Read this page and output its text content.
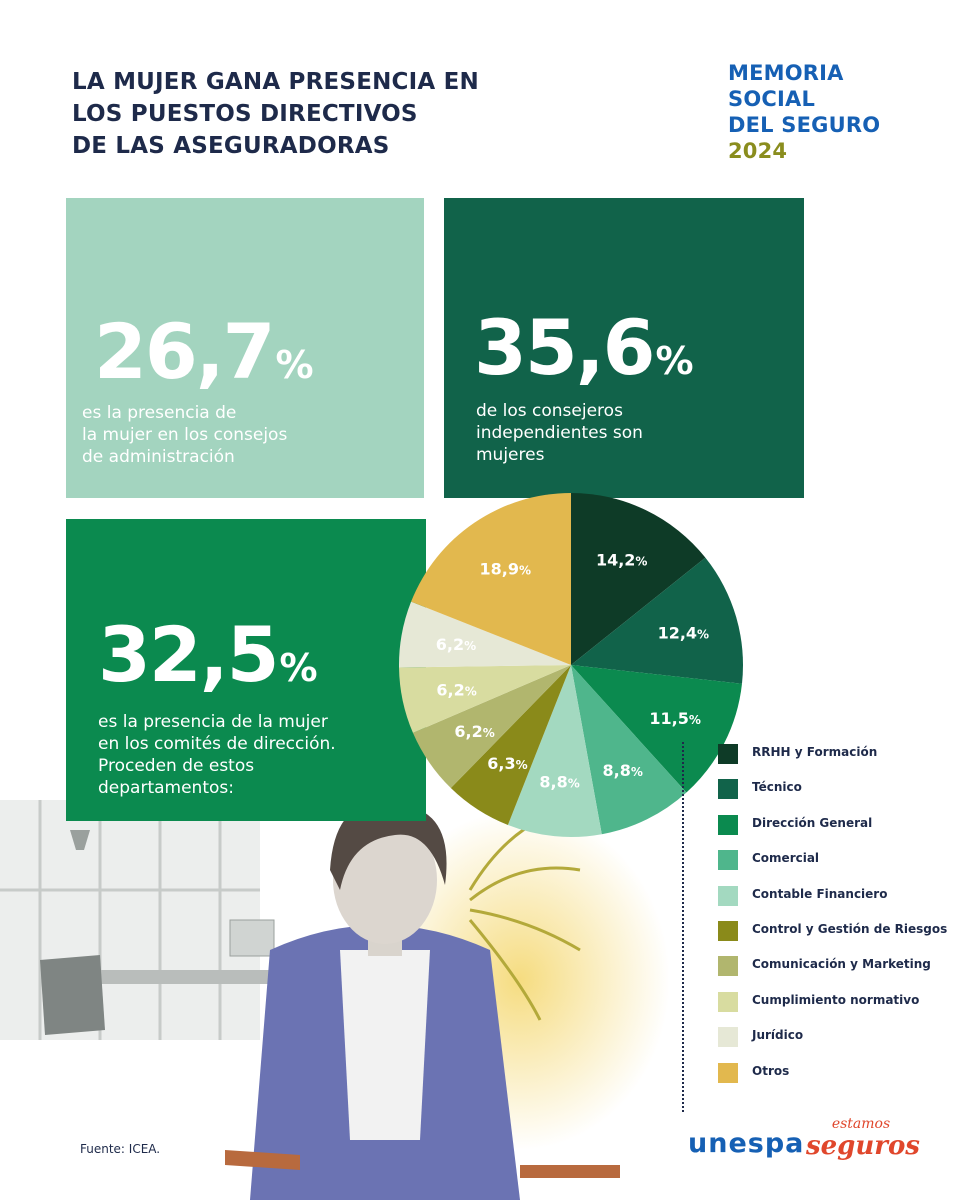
LA MUJER GANA PRESENCIA EN
LOS PUESTOS DIRECTIVOS
DE LAS ASEGURADORAS
MEMORIA
SOCIAL
DEL SEGURO
2024
26,7%
es la presencia de
la mujer en los consejos
de administración
35,6%
de los consejeros
independientes son
mujeres
32,5%
es la presencia de la mujer
en los comités de dirección.
Proceden de estos
departamentos:
14,2%
12,4%
11,5%
8,8%
8,8%
6,3%
6,2%
6,2%
6,2%
18,9%
RRHH y Formación
Técnico
Dirección General
Comercial
Contable Financiero
Control y Gestión de Riesgos
Comunicación y Marketing
Cumplimiento normativo
Jurídico
Otros
Fuente: ICEA.	unespa
estamos
seguros
